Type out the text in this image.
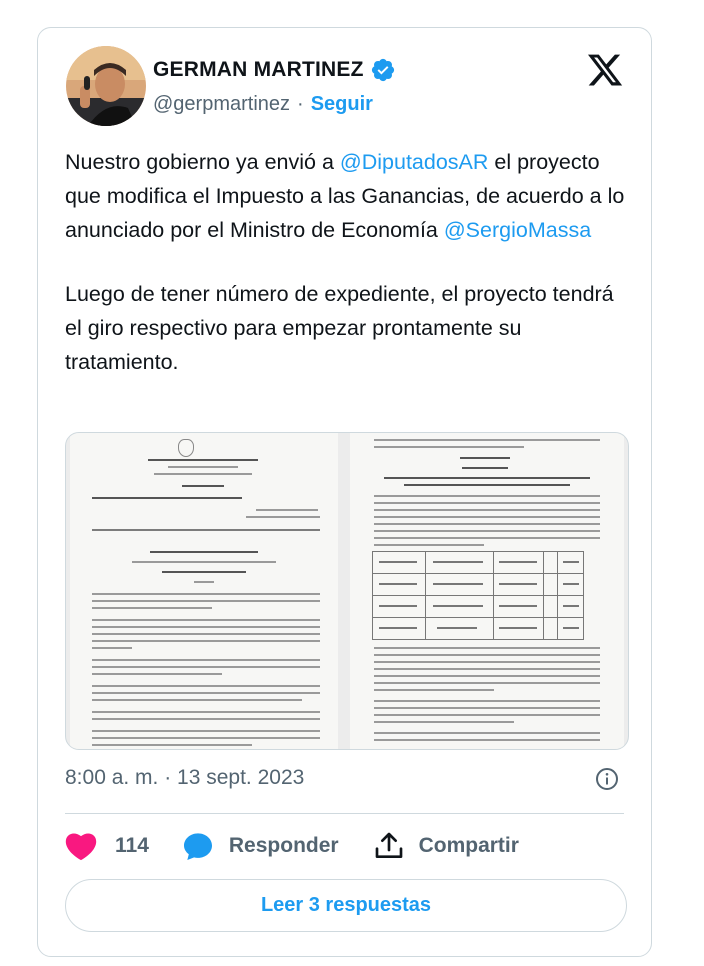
GERMAN MARTINEZ
@gerpmartinez · Seguir

Nuestro gobierno ya envió a @DiputadosAR el proyecto que modifica el Impuesto a las Ganancias, de acuerdo a lo anunciado por el Ministro de Economía @SergioMassa

Luego de tener número de expediente, el proyecto tendrá el giro respectivo para empezar prontamente su tratamiento.

8:00 a. m. · 13 sept. 2023
114	Responder	Compartir
Leer 3 respuestas
